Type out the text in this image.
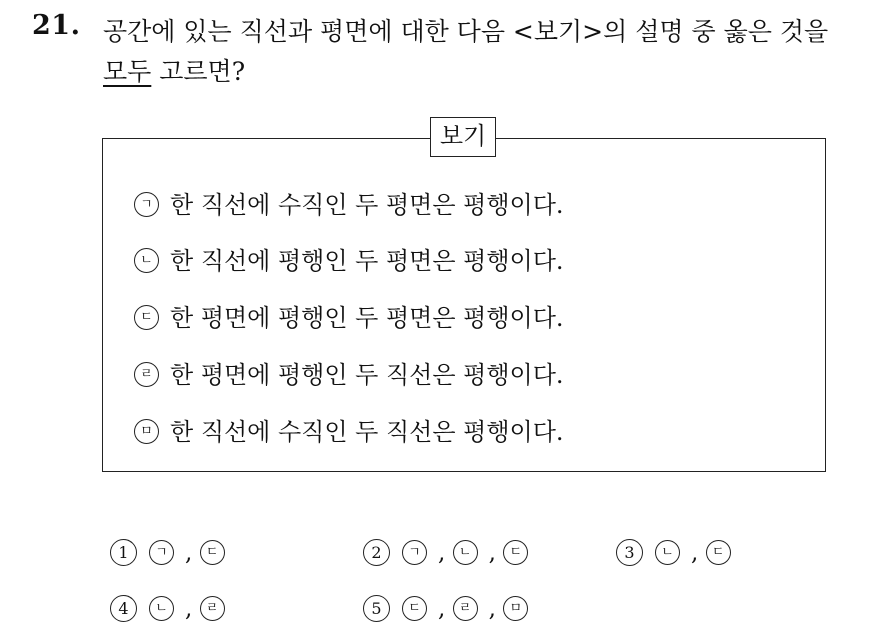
21. 공간에 있는 직선과 평면에 대한 다음 <보기>의 설명 중 옳은 것을
모두 고르면?
보기
ㄱ 한 직선에 수직인 두 평면은 평행이다.
ㄴ 한 직선에 평행인 두 평면은 평행이다.
ㄷ 한 평면에 평행인 두 평면은 평행이다.
ㄹ 한 평면에 평행인 두 직선은 평행이다.
ㅁ 한 직선에 수직인 두 직선은 평행이다.
1 ㄱ , ㄷ	2 ㄱ , ㄴ , ㄷ	3 ㄴ , ㄷ
4 ㄴ , ㄹ	5 ㄷ , ㄹ , ㅁ
